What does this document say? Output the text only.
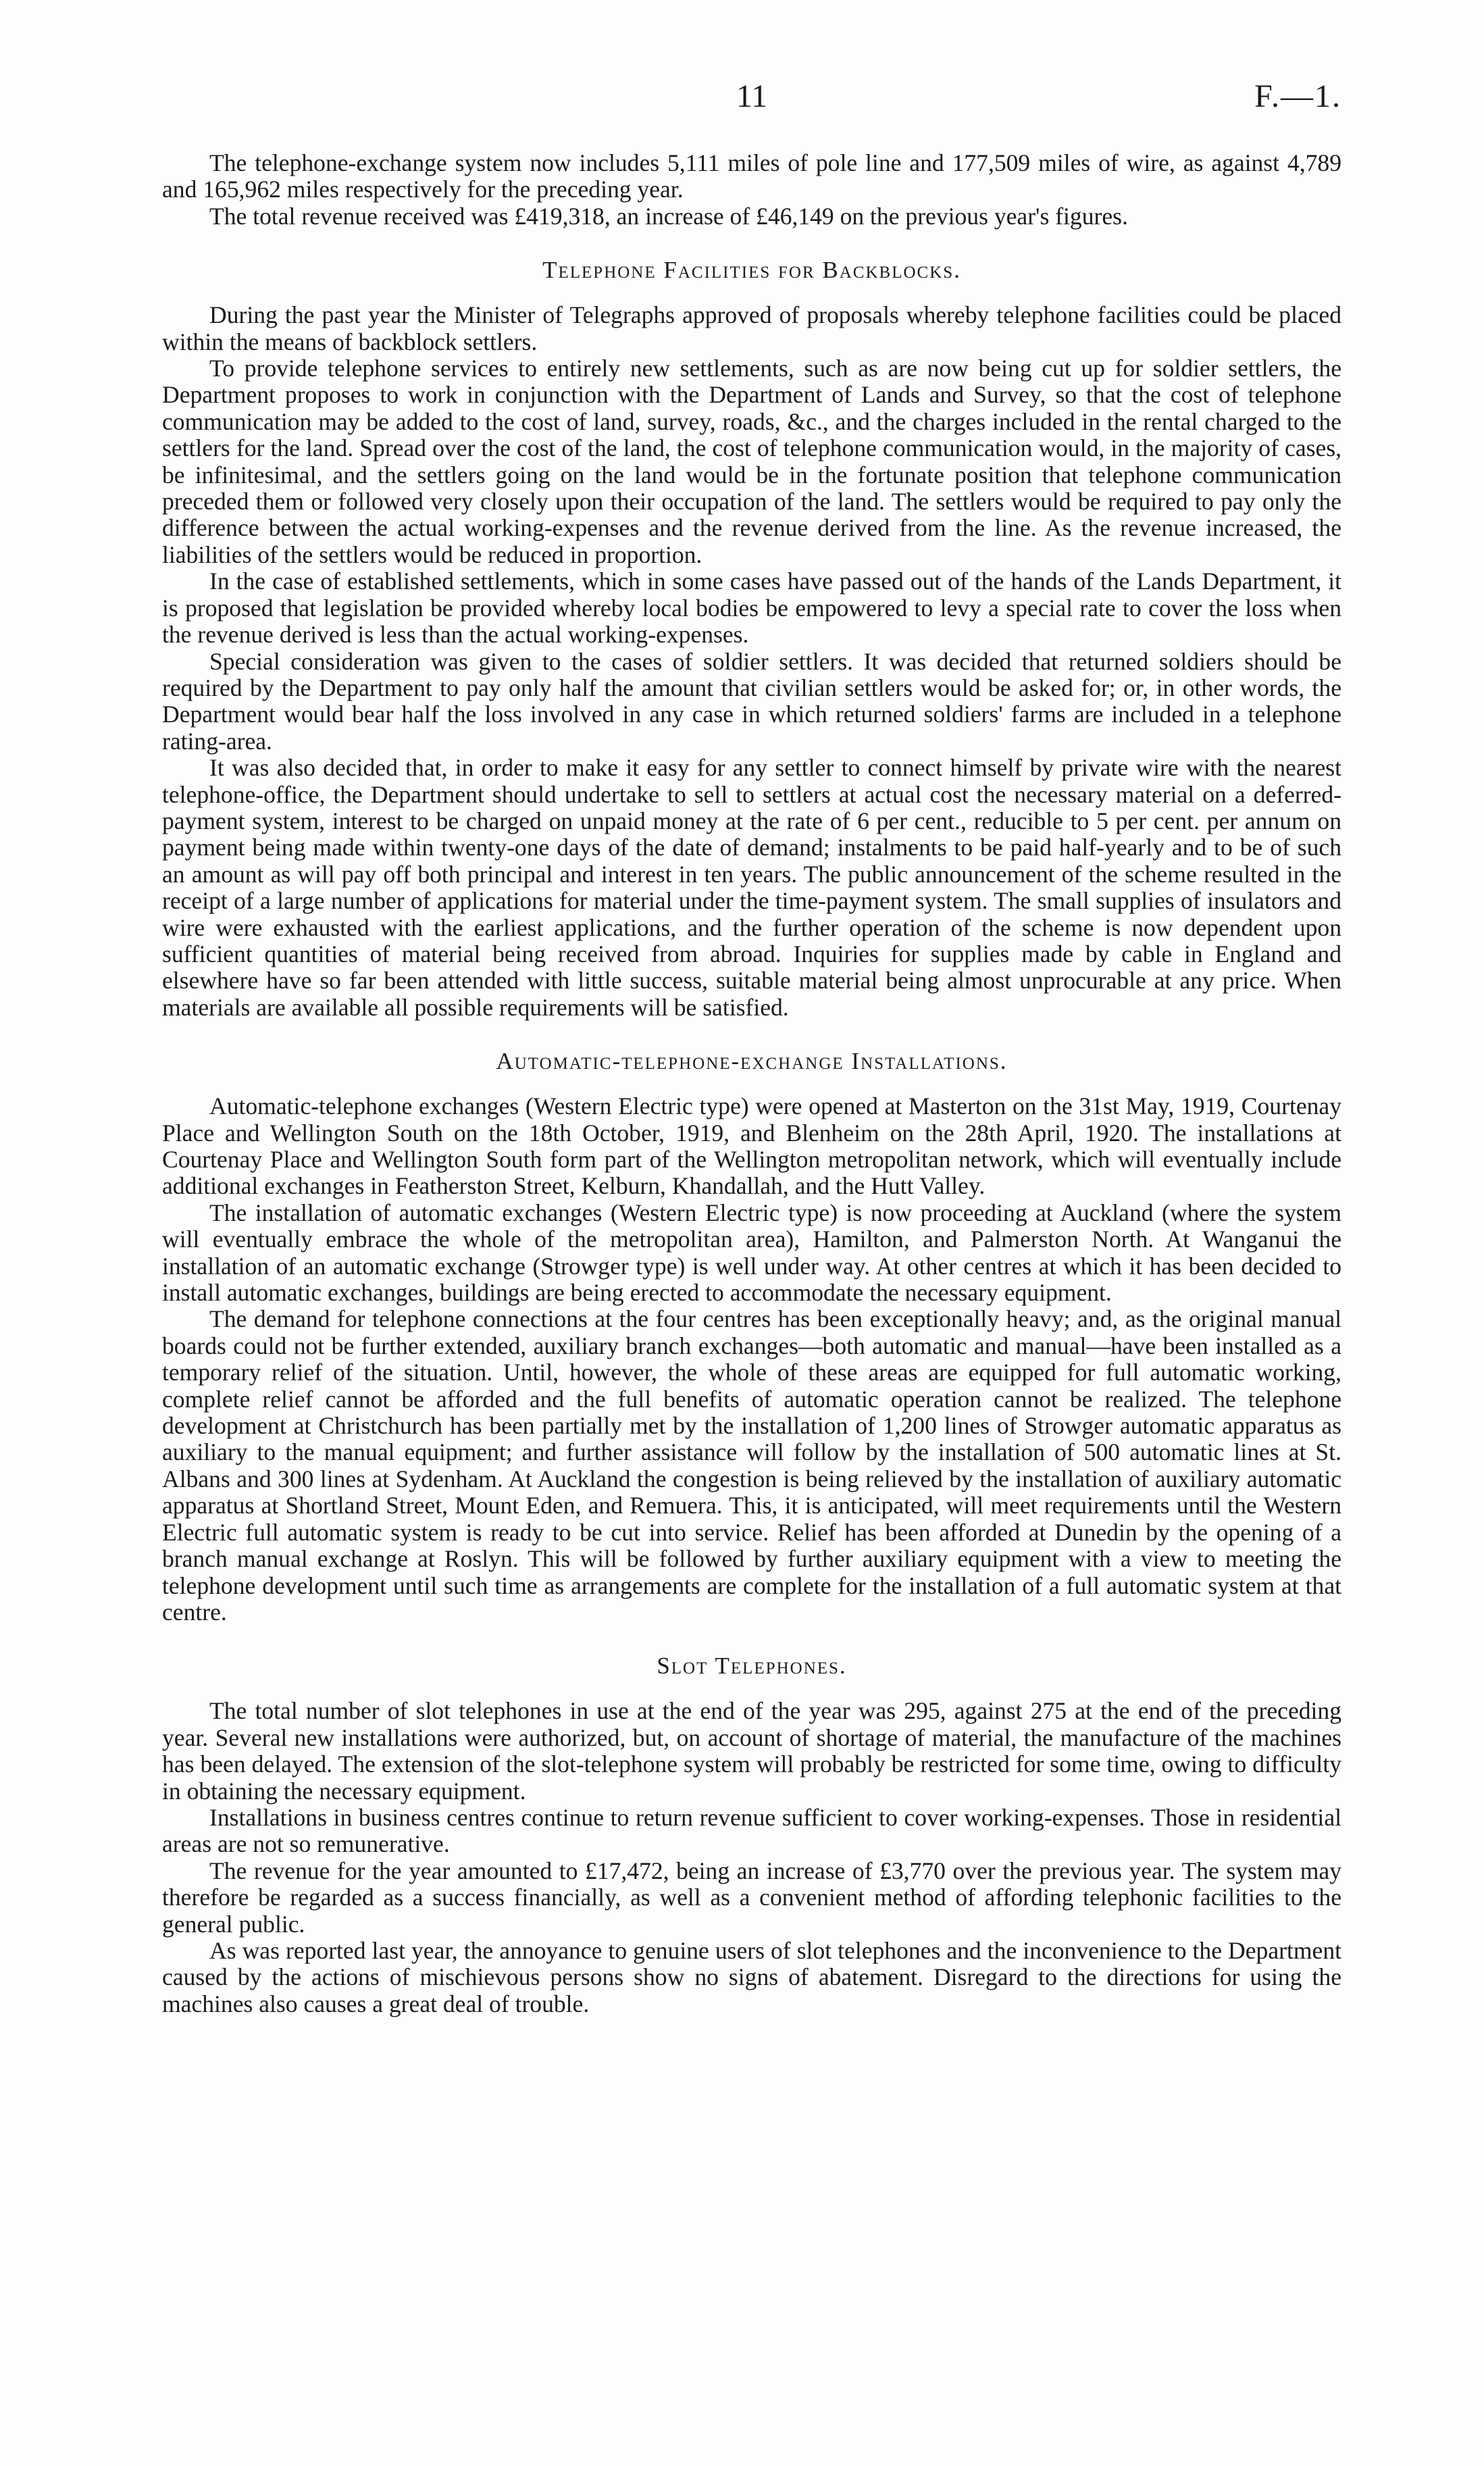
11	F.—1.

The telephone-exchange system now includes 5,111 miles of pole line and 177,509 miles of wire, as against 4,789 and 165,962 miles respectively for the preceding year.

The total revenue received was £419,318, an increase of £46,149 on the previous year's figures.

Telephone Facilities for Backblocks.

During the past year the Minister of Telegraphs approved of proposals whereby telephone facilities could be placed within the means of backblock settlers.

To provide telephone services to entirely new settlements, such as are now being cut up for soldier settlers, the Department proposes to work in conjunction with the Department of Lands and Survey, so that the cost of telephone communication may be added to the cost of land, survey, roads, &c., and the charges included in the rental charged to the settlers for the land. Spread over the cost of the land, the cost of telephone communication would, in the majority of cases, be infinitesimal, and the settlers going on the land would be in the fortunate position that telephone communication preceded them or followed very closely upon their occupation of the land. The settlers would be required to pay only the difference between the actual working-expenses and the revenue derived from the line. As the revenue increased, the liabilities of the settlers would be reduced in proportion.

In the case of established settlements, which in some cases have passed out of the hands of the Lands Department, it is proposed that legislation be provided whereby local bodies be empowered to levy a special rate to cover the loss when the revenue derived is less than the actual working-expenses.

Special consideration was given to the cases of soldier settlers. It was decided that returned soldiers should be required by the Department to pay only half the amount that civilian settlers would be asked for; or, in other words, the Department would bear half the loss involved in any case in which returned soldiers' farms are included in a telephone rating-area.

It was also decided that, in order to make it easy for any settler to connect himself by private wire with the nearest telephone-office, the Department should undertake to sell to settlers at actual cost the necessary material on a deferred-payment system, interest to be charged on unpaid money at the rate of 6 per cent., reducible to 5 per cent. per annum on payment being made within twenty-one days of the date of demand; instalments to be paid half-yearly and to be of such an amount as will pay off both principal and interest in ten years. The public announcement of the scheme resulted in the receipt of a large number of applications for material under the time-payment system. The small supplies of insulators and wire were exhausted with the earliest applications, and the further operation of the scheme is now dependent upon sufficient quantities of material being received from abroad. Inquiries for supplies made by cable in England and elsewhere have so far been attended with little success, suitable material being almost unprocurable at any price. When materials are available all possible requirements will be satisfied.

Automatic-telephone-exchange Installations.

Automatic-telephone exchanges (Western Electric type) were opened at Masterton on the 31st May, 1919, Courtenay Place and Wellington South on the 18th October, 1919, and Blenheim on the 28th April, 1920. The installations at Courtenay Place and Wellington South form part of the Wellington metropolitan network, which will eventually include additional exchanges in Featherston Street, Kelburn, Khandallah, and the Hutt Valley.

The installation of automatic exchanges (Western Electric type) is now proceeding at Auckland (where the system will eventually embrace the whole of the metropolitan area), Hamilton, and Palmerston North. At Wanganui the installation of an automatic exchange (Strowger type) is well under way. At other centres at which it has been decided to install automatic exchanges, buildings are being erected to accommodate the necessary equipment.

The demand for telephone connections at the four centres has been exceptionally heavy; and, as the original manual boards could not be further extended, auxiliary branch exchanges—both automatic and manual—have been installed as a temporary relief of the situation. Until, however, the whole of these areas are equipped for full automatic working, complete relief cannot be afforded and the full benefits of automatic operation cannot be realized. The telephone development at Christchurch has been partially met by the installation of 1,200 lines of Strowger automatic apparatus as auxiliary to the manual equipment; and further assistance will follow by the installation of 500 automatic lines at St. Albans and 300 lines at Sydenham. At Auckland the congestion is being relieved by the installation of auxiliary automatic apparatus at Shortland Street, Mount Eden, and Remuera. This, it is anticipated, will meet requirements until the Western Electric full automatic system is ready to be cut into service. Relief has been afforded at Dunedin by the opening of a branch manual exchange at Roslyn. This will be followed by further auxiliary equipment with a view to meeting the telephone development until such time as arrangements are complete for the installation of a full automatic system at that centre.

Slot Telephones.

The total number of slot telephones in use at the end of the year was 295, against 275 at the end of the preceding year. Several new installations were authorized, but, on account of shortage of material, the manufacture of the machines has been delayed. The extension of the slot-telephone system will probably be restricted for some time, owing to difficulty in obtaining the necessary equipment.

Installations in business centres continue to return revenue sufficient to cover working-expenses. Those in residential areas are not so remunerative.

The revenue for the year amounted to £17,472, being an increase of £3,770 over the previous year. The system may therefore be regarded as a success financially, as well as a convenient method of affording telephonic facilities to the general public.

As was reported last year, the annoyance to genuine users of slot telephones and the inconvenience to the Department caused by the actions of mischievous persons show no signs of abatement. Disregard to the directions for using the machines also causes a great deal of trouble.
